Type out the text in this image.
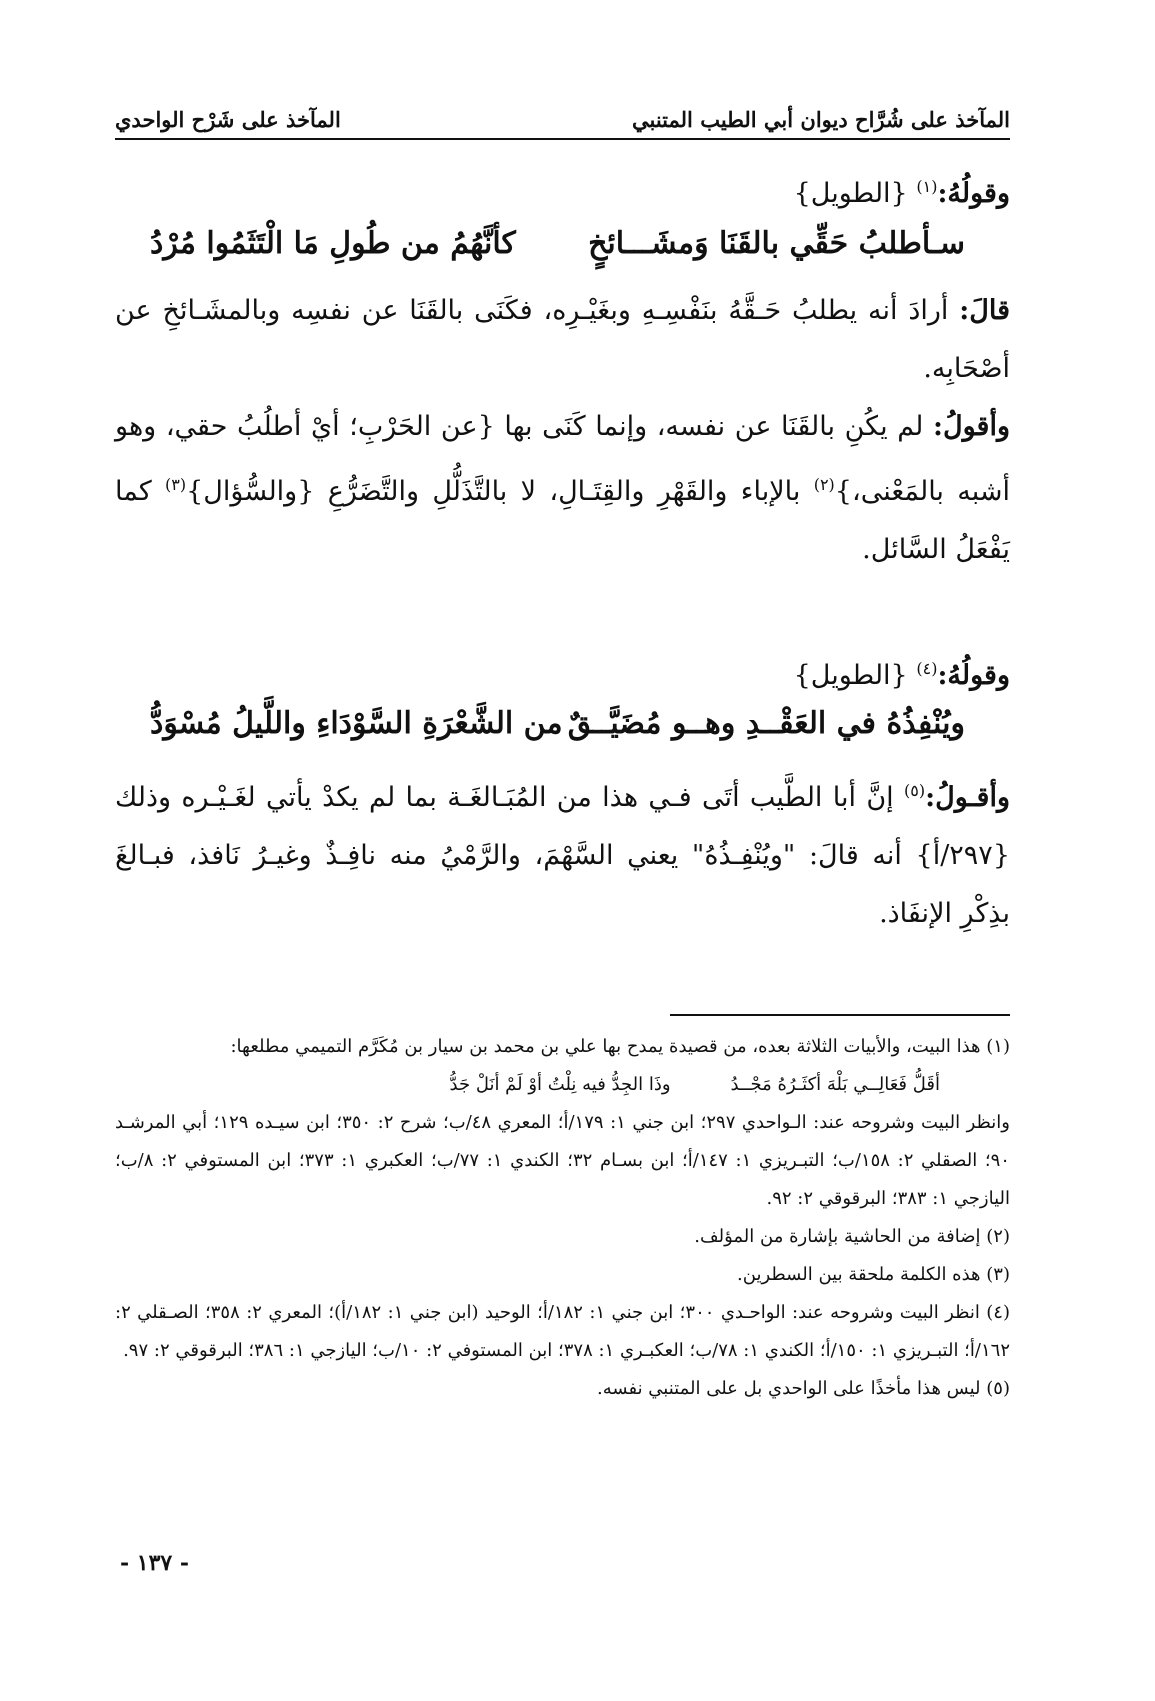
المآخذ على شُرَّاح ديوان أبي الطيب المتنبي
المآخذ على شَرْح الواحدي
وقولُهُ:$^{(١)}$ {الطويل}
سـأطلبُ حَقِّي بالقَنَا وَمشَـــائخٍ
كأنَّهُمُ من طُولِ مَا الْتَثَمُوا مُرْدُ
قالَ: أرادَ أنه يطلبُ حَـقَّهُ بنَفْسِـهِ وبغَيْـرِه، فكَنَى بالقَنَا عن نفسِه وبالمشَـائخِ عن أصْحَابِه.
وأقولُ: لم يكُنِ بالقَنَا عن نفسه، وإنما كَنَى بها {عن الحَرْبِ؛ أيْ أطلُبُ حقي، وهو أشبه بالمَعْنى،}$^{(٢)}$ بالإباء والقَهْرِ والقِتَـالِ، لا بالتَّذَلُّلِ والتَّضَرُّعِ {والسُّؤال}$^{(٣)}$ كما يَفْعَلُ السَّائل.
وقولُهُ:$^{(٤)}$ {الطويل}
ويُنْفِذُهُ في العَقْــدِ وهــو مُضَيَّــقٌ
من الشَّعْرَةِ السَّوْدَاءِ واللَّيلُ مُسْوَدُّ
وأقـولُ:$^{(٥)}$ إنَّ أبا الطَّيب أتَى فـي هذا من المُبَـالغَـة بما لم يكدْ يأتي لغَـيْـره وذلك {٢٩٧/أ} أنه قالَ: "ويُنْفِـذُهُ" يعني السَّهْمَ، والرَّمْيُ منه نافِـذٌ وغيـرُ نَافذ، فبـالغَ بذِكْرِ الإنفَاذ.

(١) هذا البيت، والأبيات الثلاثة بعده، من قصيدة يمدح بها علي بن محمد بن سيار بن مُكَرَّم التميمي مطلعها:

أقَلُّ فَعَالِــي بَلْهَ أكثَـرُهُ مَجْــدُ
وذَا الجِدُّ فيه نِلْتُ أوْ لَمْ أنَلْ جَدُّ

وانظر البيت وشروحه عند: الـواحدي ٢٩٧؛ ابن جني ١: ١٧٩/أ؛ المعري ٤٨/ب؛ شرح ٢: ٣٥٠؛ ابن سيـده ١٢٩؛ أبي المرشـد ٩٠؛ الصقلي ٢: ١٥٨/ب؛ التبـريزي ١: ١٤٧/أ؛ ابن بسـام ٣٢؛ الكندي ١: ٧٧/ب؛ العكبري ١: ٣٧٣؛ ابن المستوفي ٢: ٨/ب؛ اليازجي ١: ٣٨٣؛ البرقوقي ٢: ٩٢.

(٢) إضافة من الحاشية بإشارة من المؤلف.

(٣) هذه الكلمة ملحقة بين السطرين.

(٤) انظر البيت وشروحه عند: الواحـدي ٣٠٠؛ ابن جني ١: ١٨٢/أ؛ الوحيد (ابن جني ١: ١٨٢/أ)؛ المعري ٢: ٣٥٨؛ الصـقلي ٢: ١٦٢/أ؛ التبـريزي ١: ١٥٠/أ؛ الكندي ١: ٧٨/ب؛ العكبـري ١: ٣٧٨؛ ابن المستوفي ٢: ١٠/ب؛ اليازجي ١: ٣٨٦؛ البرقوقي ٢: ٩٧.

(٥) ليس هذا مأخذًا على الواحدي بل على المتنبي نفسه.

- ١٣٧ -
